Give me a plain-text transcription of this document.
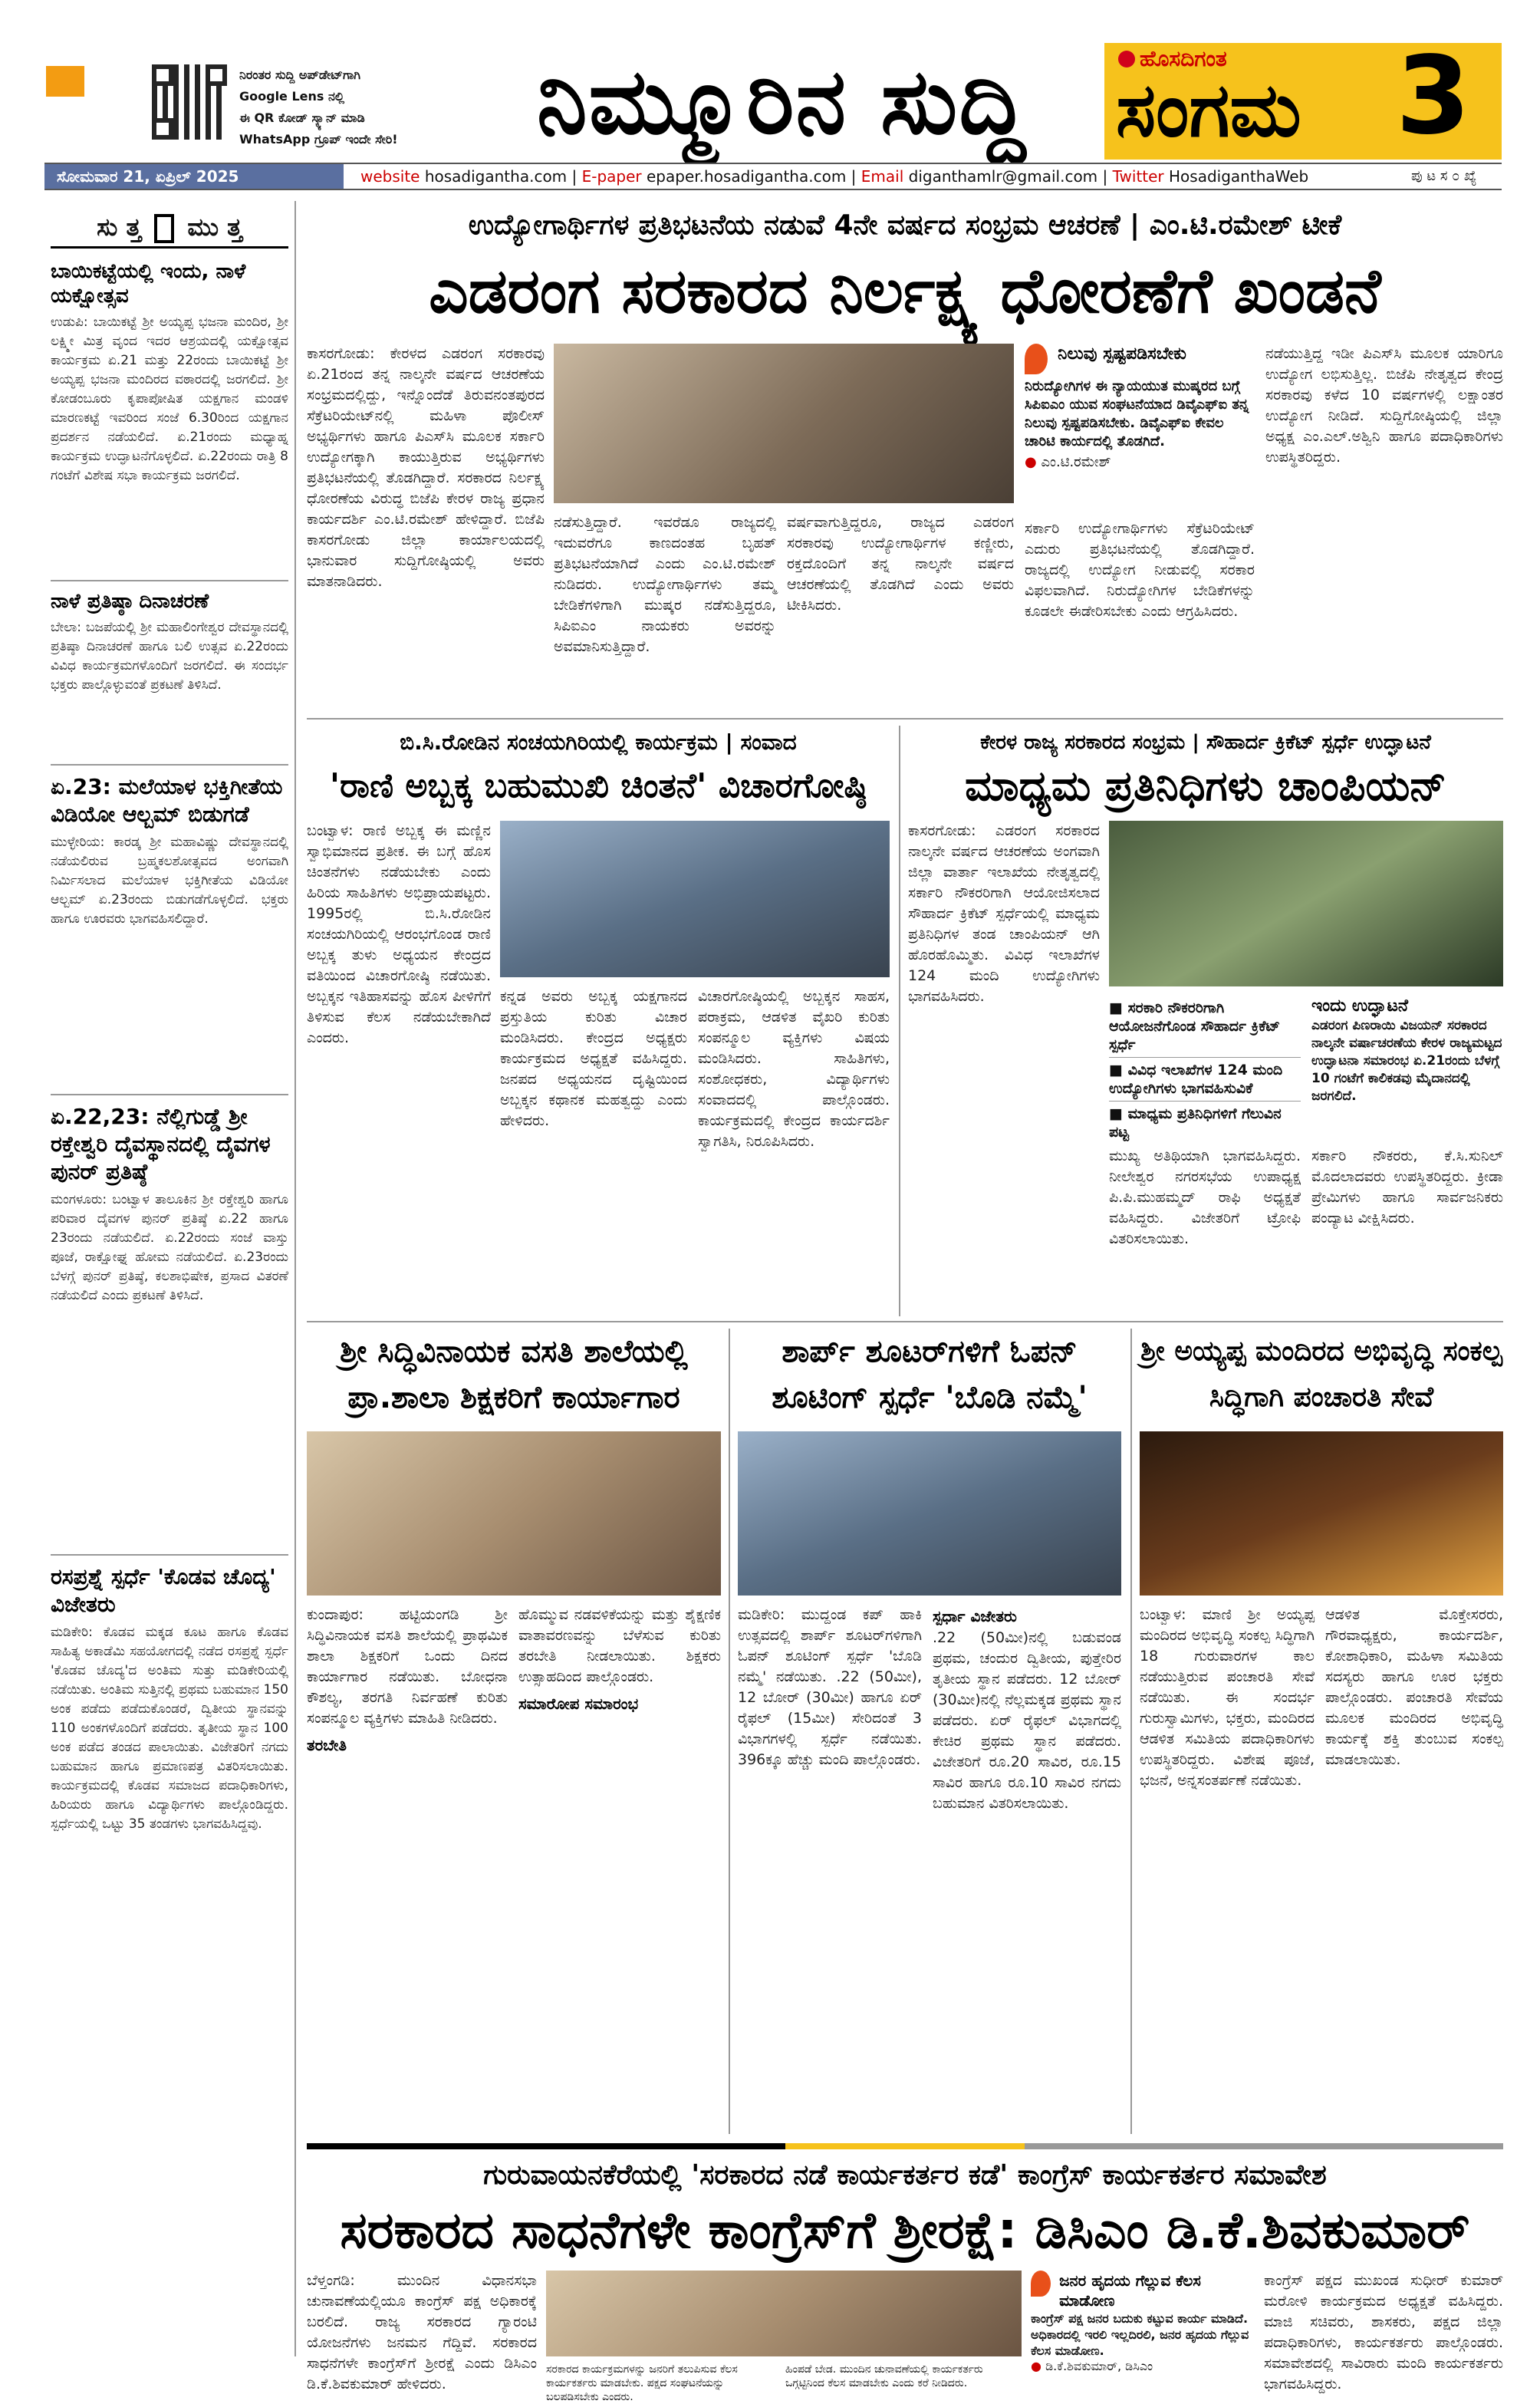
ನಿರಂತರ ಸುದ್ದಿ ಅಪ್‌ಡೇಟ್‌ಗಾಗಿ
Google Lens ನಲ್ಲಿ
ಈ QR ಕೋಡ್ ಸ್ಕ್ಯಾನ್ ಮಾಡಿ
WhatsApp ಗ್ರೂಪ್ ಇಂದೇ ಸೇರಿ!	ನಿಮ್ಮೂರಿನ ಸುದ್ದಿ	ಹೊಸದಿಗಂತ
ಸಂಗಮ 3
ಸೋಮವಾರ 21, ಏಪ್ರಿಲ್ 2025	website hosadigantha.com | E-paper epaper.hosadigantha.com | Email diganthamlr@gmail.com | Twitter HosadiganthaWeb	ಪು ಟ ಸ ೦ ಖ್ಯೆ
ಸು ತ್ತ ಮು ತ್ತ
ಬಾಯಿಕಟ್ಟೆಯಲ್ಲಿ ಇಂದು, ನಾಳೆ ಯಕ್ಷೋತ್ಸವ

ಉಡುಪಿ: ಬಾಯಿಕಟ್ಟೆ ಶ್ರೀ ಅಯ್ಯಪ್ಪ ಭಜನಾ ಮಂದಿರ, ಶ್ರೀ ಲಕ್ಷ್ಮೀ ಮಿತ್ರ ವೃಂದ ಇದರ ಆಶ್ರಯದಲ್ಲಿ ಯಕ್ಷೋತ್ಸವ ಕಾರ್ಯಕ್ರಮ ಏ.21 ಮತ್ತು 22ರಂದು ಬಾಯಿಕಟ್ಟೆ ಶ್ರೀ ಅಯ್ಯಪ್ಪ ಭಜನಾ ಮಂದಿರದ ವಠಾರದಲ್ಲಿ ಜರಗಲಿದೆ. ಶ್ರೀ ಕೋಡಂಬೂರು ಕೃಪಾಪೋಷಿತ ಯಕ್ಷಗಾನ ಮಂಡಳಿ ಮಾರಣಕಟ್ಟೆ ಇವರಿಂದ ಸಂಜೆ 6.30ರಿಂದ ಯಕ್ಷಗಾನ ಪ್ರದರ್ಶನ ನಡೆಯಲಿದೆ. ಏ.21ರಂದು ಮಧ್ಯಾಹ್ನ ಕಾರ್ಯಕ್ರಮ ಉದ್ಘಾಟನೆಗೊಳ್ಳಲಿದೆ. ಏ.22ರಂದು ರಾತ್ರಿ 8 ಗಂಟೆಗೆ ವಿಶೇಷ ಸಭಾ ಕಾರ್ಯಕ್ರಮ ಜರಗಲಿದೆ.

ನಾಳೆ ಪ್ರತಿಷ್ಠಾ ದಿನಾಚರಣೆ

ಬೇಲಾ: ಬಜಪೆಯಲ್ಲಿ ಶ್ರೀ ಮಹಾಲಿಂಗೇಶ್ವರ ದೇವಸ್ಥಾನದಲ್ಲಿ ಪ್ರತಿಷ್ಠಾ ದಿನಾಚರಣೆ ಹಾಗೂ ಬಲಿ ಉತ್ಸವ ಏ.22ರಂದು ವಿವಿಧ ಕಾರ್ಯಕ್ರಮಗಳೊಂದಿಗೆ ಜರಗಲಿದೆ. ಈ ಸಂದರ್ಭ ಭಕ್ತರು ಪಾಲ್ಗೊಳ್ಳುವಂತೆ ಪ್ರಕಟಣೆ ತಿಳಿಸಿದೆ.

ಏ.23: ಮಲೆಯಾಳ ಭಕ್ತಿಗೀತೆಯ ವಿಡಿಯೋ ಆಲ್ಬಮ್ ಬಿಡುಗಡೆ

ಮುಳ್ಳೇರಿಯ: ಕಾರಡ್ಕ ಶ್ರೀ ಮಹಾವಿಷ್ಣು ದೇವಸ್ಥಾನದಲ್ಲಿ ನಡೆಯಲಿರುವ ಬ್ರಹ್ಮಕಲಶೋತ್ಸವದ ಅಂಗವಾಗಿ ನಿರ್ಮಿಸಲಾದ ಮಲೆಯಾಳ ಭಕ್ತಿಗೀತೆಯ ವಿಡಿಯೋ ಆಲ್ಬಮ್ ಏ.23ರಂದು ಬಿಡುಗಡೆಗೊಳ್ಳಲಿದೆ. ಭಕ್ತರು ಹಾಗೂ ಊರವರು ಭಾಗವಹಿಸಲಿದ್ದಾರೆ.

ಏ.22,23: ನೆಲ್ಲಿಗುಡ್ಡೆ ಶ್ರೀ ರಕ್ತೇಶ್ವರಿ ದೈವಸ್ಥಾನದಲ್ಲಿ ದೈವಗಳ ಪುನರ್ ಪ್ರತಿಷ್ಠೆ

ಮಂಗಳೂರು: ಬಂಟ್ವಾಳ ತಾಲೂಕಿನ ಶ್ರೀ ರಕ್ತೇಶ್ವರಿ ಹಾಗೂ ಪರಿವಾರ ದೈವಗಳ ಪುನರ್ ಪ್ರತಿಷ್ಠೆ ಏ.22 ಹಾಗೂ 23ರಂದು ನಡೆಯಲಿದೆ. ಏ.22ರಂದು ಸಂಜೆ ವಾಸ್ತು ಪೂಜೆ, ರಾಕ್ಷೋಘ್ನ ಹೋಮ ನಡೆಯಲಿದೆ. ಏ.23ರಂದು ಬೆಳಗ್ಗೆ ಪುನರ್ ಪ್ರತಿಷ್ಠೆ, ಕಲಶಾಭಿಷೇಕ, ಪ್ರಸಾದ ವಿತರಣೆ ನಡೆಯಲಿದೆ ಎಂದು ಪ್ರಕಟಣೆ ತಿಳಿಸಿದೆ.

ರಸಪ್ರಶ್ನೆ ಸ್ಪರ್ಧೆ 'ಕೊಡವ ಚೊದ್ಯ' ವಿಜೇತರು

ಮಡಿಕೇರಿ: ಕೊಡವ ಮಕ್ಕಡ ಕೂಟ ಹಾಗೂ ಕೊಡವ ಸಾಹಿತ್ಯ ಅಕಾಡೆಮಿ ಸಹಯೋಗದಲ್ಲಿ ನಡೆದ ರಸಪ್ರಶ್ನೆ ಸ್ಪರ್ಧೆ 'ಕೊಡವ ಚೊದ್ಯ'ದ ಅಂತಿಮ ಸುತ್ತು ಮಡಿಕೇರಿಯಲ್ಲಿ ನಡೆಯಿತು. ಅಂತಿಮ ಸುತ್ತಿನಲ್ಲಿ ಪ್ರಥಮ ಬಹುಮಾನ 150 ಅಂಕ ಪಡೆದು ಪಡೆದುಕೊಂಡರೆ, ದ್ವಿತೀಯ ಸ್ಥಾನವನ್ನು 110 ಅಂಕಗಳೊಂದಿಗೆ ಪಡೆದರು. ತೃತೀಯ ಸ್ಥಾನ 100 ಅಂಕ ಪಡೆದ ತಂಡದ ಪಾಲಾಯಿತು. ವಿಜೇತರಿಗೆ ನಗದು ಬಹುಮಾನ ಹಾಗೂ ಪ್ರಮಾಣಪತ್ರ ವಿತರಿಸಲಾಯಿತು. ಕಾರ್ಯಕ್ರಮದಲ್ಲಿ ಕೊಡವ ಸಮಾಜದ ಪದಾಧಿಕಾರಿಗಳು, ಹಿರಿಯರು ಹಾಗೂ ವಿದ್ಯಾರ್ಥಿಗಳು ಪಾಲ್ಗೊಂಡಿದ್ದರು. ಸ್ಪರ್ಧೆಯಲ್ಲಿ ಒಟ್ಟು 35 ತಂಡಗಳು ಭಾಗವಹಿಸಿದ್ದವು.

ಉದ್ಯೋಗಾರ್ಥಿಗಳ ಪ್ರತಿಭಟನೆಯ ನಡುವೆ 4ನೇ ವರ್ಷದ ಸಂಭ್ರಮ ಆಚರಣೆ | ಎಂ.ಟಿ.ರಮೇಶ್ ಟೀಕೆ
ಎಡರಂಗ ಸರಕಾರದ ನಿರ್ಲಕ್ಷ್ಯ ಧೋರಣೆಗೆ ಖಂಡನೆ

ಕಾಸರಗೋಡು: ಕೇರಳದ ಎಡರಂಗ ಸರಕಾರವು ಏ.21ರಂದ ತನ್ನ ನಾಲ್ಕನೇ ವರ್ಷದ ಆಚರಣೆಯ ಸಂಭ್ರಮದಲ್ಲಿದ್ದು, ಇನ್ನೊಂದೆಡೆ ತಿರುವನಂತಪುರದ ಸೆಕ್ರೆಟರಿಯೇಟ್‌ನಲ್ಲಿ ಮಹಿಳಾ ಪೊಲೀಸ್ ಅಭ್ಯರ್ಥಿಗಳು ಹಾಗೂ ಪಿಎಸ್‌ಸಿ ಮೂಲಕ ಸರ್ಕಾರಿ ಉದ್ಯೋಗಕ್ಕಾಗಿ ಕಾಯುತ್ತಿರುವ ಅಭ್ಯರ್ಥಿಗಳು ಪ್ರತಿಭಟನೆಯಲ್ಲಿ ತೊಡಗಿದ್ದಾರೆ. ಸರಕಾರದ ನಿರ್ಲಕ್ಷ್ಯ ಧೋರಣೆಯ ವಿರುದ್ಧ ಬಿಜೆಪಿ ಕೇರಳ ರಾಜ್ಯ ಪ್ರಧಾನ ಕಾರ್ಯದರ್ಶಿ ಎಂ.ಟಿ.ರಮೇಶ್ ಹೇಳಿದ್ದಾರೆ. ಬಿಜೆಪಿ ಕಾಸರಗೋಡು ಜಿಲ್ಲಾ ಕಾರ್ಯಾಲಯದಲ್ಲಿ ಭಾನುವಾರ ಸುದ್ದಿಗೋಷ್ಠಿಯಲ್ಲಿ ಅವರು ಮಾತನಾಡಿದರು.

ನಡೆಸುತ್ತಿದ್ದಾರೆ. ಇವರೆಡೂ ರಾಜ್ಯದಲ್ಲಿ ಇದುವರೆಗೂ ಕಾಣದಂತಹ ಬೃಹತ್ ಪ್ರತಿಭಟನೆಯಾಗಿದೆ ಎಂದು ಎಂ.ಟಿ.ರಮೇಶ್ ನುಡಿದರು. ಉದ್ಯೋಗಾರ್ಥಿಗಳು ತಮ್ಮ ಬೇಡಿಕೆಗಳಿಗಾಗಿ ಮುಷ್ಕರ ನಡೆಸುತ್ತಿದ್ದರೂ, ಸಿಪಿಐಎಂ ನಾಯಕರು ಅವರನ್ನು ಅವಮಾನಿಸುತ್ತಿದ್ದಾರೆ.

ವರ್ಷವಾಗುತ್ತಿದ್ದರೂ, ರಾಜ್ಯದ ಎಡರಂಗ ಸರಕಾರವು ಉದ್ಯೋಗಾರ್ಥಿಗಳ ಕಣ್ಣೀರು, ರಕ್ತದೊಂದಿಗೆ ತನ್ನ ನಾಲ್ಕನೇ ವರ್ಷದ ಆಚರಣೆಯಲ್ಲಿ ತೊಡಗಿದೆ ಎಂದು ಅವರು ಟೀಕಿಸಿದರು.

ನಿಲುವು ಸ್ಪಷ್ಟಪಡಿಸಬೇಕು

ನಿರುದ್ಯೋಗಿಗಳ ಈ ನ್ಯಾಯಯುತ ಮುಷ್ಕರದ ಬಗ್ಗೆ ಸಿಪಿಐಎಂ ಯುವ ಸಂಘಟನೆಯಾದ ಡಿವೈಎಫ್‌ಐ ತನ್ನ ನಿಲುವು ಸ್ಪಷ್ಟಪಡಿಸಬೇಕು. ಡಿವೈಎಫ್‌ಐ ಕೇವಲ ಚಾರಿಟಿ ಕಾರ್ಯದಲ್ಲಿ ತೊಡಗಿದೆ.

● ಎಂ.ಟಿ.ರಮೇಶ್

ಸರ್ಕಾರಿ ಉದ್ಯೋಗಾರ್ಥಿಗಳು ಸೆಕ್ರೆಟರಿಯೇಟ್ ಎದುರು ಪ್ರತಿಭಟನೆಯಲ್ಲಿ ತೊಡಗಿದ್ದಾರೆ. ರಾಜ್ಯದಲ್ಲಿ ಉದ್ಯೋಗ ನೀಡುವಲ್ಲಿ ಸರಕಾರ ವಿಫಲವಾಗಿದೆ. ನಿರುದ್ಯೋಗಿಗಳ ಬೇಡಿಕೆಗಳನ್ನು ಕೂಡಲೇ ಈಡೇರಿಸಬೇಕು ಎಂದು ಆಗ್ರಹಿಸಿದರು.

ನಡೆಯುತ್ತಿದ್ದ ಇಡೀ ಪಿಎಸ್‌ಸಿ ಮೂಲಕ ಯಾರಿಗೂ ಉದ್ಯೋಗ ಲಭಿಸುತ್ತಿಲ್ಲ. ಬಿಜೆಪಿ ನೇತೃತ್ವದ ಕೇಂದ್ರ ಸರಕಾರವು ಕಳೆದ 10 ವರ್ಷಗಳಲ್ಲಿ ಲಕ್ಷಾಂತರ ಉದ್ಯೋಗ ನೀಡಿದೆ. ಸುದ್ದಿಗೋಷ್ಠಿಯಲ್ಲಿ ಜಿಲ್ಲಾ ಅಧ್ಯಕ್ಷ ಎಂ.ಎಲ್.ಅಶ್ವಿನಿ ಹಾಗೂ ಪದಾಧಿಕಾರಿಗಳು ಉಪಸ್ಥಿತರಿದ್ದರು.

ಬಿ.ಸಿ.ರೋಡಿನ ಸಂಚಯಗಿರಿಯಲ್ಲಿ ಕಾರ್ಯಕ್ರಮ | ಸಂವಾದ
'ರಾಣಿ ಅಬ್ಬಕ್ಕ ಬಹುಮುಖಿ ಚಿಂತನೆ' ವಿಚಾರಗೋಷ್ಠಿ

ಬಂಟ್ವಾಳ: ರಾಣಿ ಅಬ್ಬಕ್ಕ ಈ ಮಣ್ಣಿನ ಸ್ವಾಭಿಮಾನದ ಪ್ರತೀಕ. ಈ ಬಗ್ಗೆ ಹೊಸ ಚಿಂತನೆಗಳು ನಡೆಯಬೇಕು ಎಂದು ಹಿರಿಯ ಸಾಹಿತಿಗಳು ಅಭಿಪ್ರಾಯಪಟ್ಟರು. 1995ರಲ್ಲಿ ಬಿ.ಸಿ.ರೋಡಿನ ಸಂಚಯಗಿರಿಯಲ್ಲಿ ಆರಂಭಗೊಂಡ ರಾಣಿ ಅಬ್ಬಕ್ಕ ತುಳು ಅಧ್ಯಯನ ಕೇಂದ್ರದ ವತಿಯಿಂದ ವಿಚಾರಗೋಷ್ಠಿ ನಡೆಯಿತು. ಅಬ್ಬಕ್ಕನ ಇತಿಹಾಸವನ್ನು ಹೊಸ ಪೀಳಿಗೆಗೆ ತಿಳಿಸುವ ಕೆಲಸ ನಡೆಯಬೇಕಾಗಿದೆ ಎಂದರು.

ಕನ್ನಡ ಅವರು ಅಬ್ಬಕ್ಕ ಯಕ್ಷಗಾನದ ಪ್ರಸ್ತುತಿಯ ಕುರಿತು ವಿಚಾರ ಮಂಡಿಸಿದರು. ಕೇಂದ್ರದ ಅಧ್ಯಕ್ಷರು ಕಾರ್ಯಕ್ರಮದ ಅಧ್ಯಕ್ಷತೆ ವಹಿಸಿದ್ದರು. ಜನಪದ ಅಧ್ಯಯನದ ದೃಷ್ಟಿಯಿಂದ ಅಬ್ಬಕ್ಕನ ಕಥಾನಕ ಮಹತ್ವದ್ದು ಎಂದು ಹೇಳಿದರು.

ವಿಚಾರಗೋಷ್ಠಿಯಲ್ಲಿ ಅಬ್ಬಕ್ಕನ ಸಾಹಸ, ಪರಾಕ್ರಮ, ಆಡಳಿತ ವೈಖರಿ ಕುರಿತು ಸಂಪನ್ಮೂಲ ವ್ಯಕ್ತಿಗಳು ವಿಷಯ ಮಂಡಿಸಿದರು. ಸಾಹಿತಿಗಳು, ಸಂಶೋಧಕರು, ವಿದ್ಯಾರ್ಥಿಗಳು ಸಂವಾದದಲ್ಲಿ ಪಾಲ್ಗೊಂಡರು. ಕಾರ್ಯಕ್ರಮದಲ್ಲಿ ಕೇಂದ್ರದ ಕಾರ್ಯದರ್ಶಿ ಸ್ವಾಗತಿಸಿ, ನಿರೂಪಿಸಿದರು.

ಕೇರಳ ರಾಜ್ಯ ಸರಕಾರದ ಸಂಭ್ರಮ | ಸೌಹಾರ್ದ ಕ್ರಿಕೆಟ್ ಸ್ಪರ್ಧೆ ಉದ್ಘಾಟನೆ
ಮಾಧ್ಯಮ ಪ್ರತಿನಿಧಿಗಳು ಚಾಂಪಿಯನ್

ಕಾಸರಗೋಡು: ಎಡರಂಗ ಸರಕಾರದ ನಾಲ್ಕನೇ ವರ್ಷದ ಆಚರಣೆಯ ಅಂಗವಾಗಿ ಜಿಲ್ಲಾ ವಾರ್ತಾ ಇಲಾಖೆಯ ನೇತೃತ್ವದಲ್ಲಿ ಸರ್ಕಾರಿ ನೌಕರರಿಗಾಗಿ ಆಯೋಜಿಸಲಾದ ಸೌಹಾರ್ದ ಕ್ರಿಕೆಟ್ ಸ್ಪರ್ಧೆಯಲ್ಲಿ ಮಾಧ್ಯಮ ಪ್ರತಿನಿಧಿಗಳ ತಂಡ ಚಾಂಪಿಯನ್ ಆಗಿ ಹೊರಹೊಮ್ಮಿತು. ವಿವಿಧ ಇಲಾಖೆಗಳ 124 ಮಂದಿ ಉದ್ಯೋಗಿಗಳು ಭಾಗವಹಿಸಿದರು.

■ ಸರಕಾರಿ ನೌಕರರಿಗಾಗಿ ಆಯೋಜನೆಗೊಂಡ ಸೌಹಾರ್ದ ಕ್ರಿಕೆಟ್ ಸ್ಪರ್ಧೆ
■ ವಿವಿಧ ಇಲಾಖೆಗಳ 124 ಮಂದಿ ಉದ್ಯೋಗಿಗಳು ಭಾಗವಹಿಸುವಿಕೆ
■ ಮಾಧ್ಯಮ ಪ್ರತಿನಿಧಿಗಳಿಗೆ ಗೆಲುವಿನ ಪಟ್ಟ
ಇಂದು ಉದ್ಘಾಟನೆ

ಎಡರಂಗ ಪಿಣರಾಯಿ ವಿಜಯನ್ ಸರಕಾರದ ನಾಲ್ಕನೇ ವರ್ಷಾಚರಣೆಯ ಕೇರಳ ರಾಜ್ಯಮಟ್ಟದ ಉದ್ಘಾಟನಾ ಸಮಾರಂಭ ಏ.21ರಂದು ಬೆಳಗ್ಗೆ 10 ಗಂಟೆಗೆ ಕಾಲಿಕಡವು ಮೈದಾನದಲ್ಲಿ ಜರಗಲಿದೆ.

ಮುಖ್ಯ ಅತಿಥಿಯಾಗಿ ಭಾಗವಹಿಸಿದ್ದರು. ನೀಲೇಶ್ವರ ನಗರಸಭೆಯ ಉಪಾಧ್ಯಕ್ಷ ಪಿ.ಪಿ.ಮುಹಮ್ಮದ್ ರಾಫಿ ಅಧ್ಯಕ್ಷತೆ ವಹಿಸಿದ್ದರು. ವಿಜೇತರಿಗೆ ಟ್ರೋಫಿ ವಿತರಿಸಲಾಯಿತು.

ಸರ್ಕಾರಿ ನೌಕರರು, ಕೆ.ಸಿ.ಸುನಿಲ್ ಮೊದಲಾದವರು ಉಪಸ್ಥಿತರಿದ್ದರು. ಕ್ರೀಡಾ ಪ್ರೇಮಿಗಳು ಹಾಗೂ ಸಾರ್ವಜನಿಕರು ಪಂದ್ಯಾಟ ವೀಕ್ಷಿಸಿದರು.

ಶ್ರೀ ಸಿದ್ಧಿವಿನಾಯಕ ವಸತಿ ಶಾಲೆಯಲ್ಲಿ ಪ್ರಾ.ಶಾಲಾ ಶಿಕ್ಷಕರಿಗೆ ಕಾರ್ಯಾಗಾರ

ಕುಂದಾಪುರ: ಹಟ್ಟಿಯಂಗಡಿ ಶ್ರೀ ಸಿದ್ಧಿವಿನಾಯಕ ವಸತಿ ಶಾಲೆಯಲ್ಲಿ ಪ್ರಾಥಮಿಕ ಶಾಲಾ ಶಿಕ್ಷಕರಿಗೆ ಒಂದು ದಿನದ ಕಾರ್ಯಾಗಾರ ನಡೆಯಿತು. ಬೋಧನಾ ಕೌಶಲ್ಯ, ತರಗತಿ ನಿರ್ವಹಣೆ ಕುರಿತು ಸಂಪನ್ಮೂಲ ವ್ಯಕ್ತಿಗಳು ಮಾಹಿತಿ ನೀಡಿದರು.

ತರಬೇತಿ

ಹೊಮ್ಮುವ ನಡವಳಿಕೆಯನ್ನು ಮತ್ತು ಶೈಕ್ಷಣಿಕ ವಾತಾವರಣವನ್ನು ಬೆಳೆಸುವ ಕುರಿತು ತರಬೇತಿ ನೀಡಲಾಯಿತು. ಶಿಕ್ಷಕರು ಉತ್ಸಾಹದಿಂದ ಪಾಲ್ಗೊಂಡರು.

ಸಮಾರೋಪ ಸಮಾರಂಭ
ಶಾರ್ಪ್ ಶೂಟರ್‌ಗಳಿಗೆ ಓಪನ್ ಶೂಟಿಂಗ್ ಸ್ಪರ್ಧೆ 'ಬೊಡಿ ನಮ್ಮೆ'

ಮಡಿಕೇರಿ: ಮುದ್ದಂಡ ಕಪ್ ಹಾಕಿ ಉತ್ಸವದಲ್ಲಿ ಶಾರ್ಪ್ ಶೂಟರ್‌ಗಳಿಗಾಗಿ ಓಪನ್ ಶೂಟಿಂಗ್ ಸ್ಪರ್ಧೆ 'ಬೊಡಿ ನಮ್ಮೆ' ನಡೆಯಿತು. .22 (50ಮೀ), 12 ಬೋರ್ (30ಮೀ) ಹಾಗೂ ಏರ್ ರೈಫಲ್ (15ಮೀ) ಸೇರಿದಂತೆ 3 ವಿಭಾಗಗಳಲ್ಲಿ ಸ್ಪರ್ಧೆ ನಡೆಯಿತು. 396ಕ್ಕೂ ಹೆಚ್ಚು ಮಂದಿ ಪಾಲ್ಗೊಂಡರು.

ಸ್ಪರ್ಧಾ ವಿಜೇತರು

.22 (50ಮೀ)ನಲ್ಲಿ ಬಡುವಂಡ ಪ್ರಥಮ, ಚಂದುರ ದ್ವಿತೀಯ, ಪುತ್ತೇರಿರ ತೃತೀಯ ಸ್ಥಾನ ಪಡೆದರು. 12 ಬೋರ್ (30ಮೀ)ನಲ್ಲಿ ನೆಲ್ಲಮಕ್ಕಡ ಪ್ರಥಮ ಸ್ಥಾನ ಪಡೆದರು. ಏರ್ ರೈಫಲ್ ವಿಭಾಗದಲ್ಲಿ ಕೇಚಿರ ಪ್ರಥಮ ಸ್ಥಾನ ಪಡೆದರು. ವಿಜೇತರಿಗೆ ರೂ.20 ಸಾವಿರ, ರೂ.15 ಸಾವಿರ ಹಾಗೂ ರೂ.10 ಸಾವಿರ ನಗದು ಬಹುಮಾನ ವಿತರಿಸಲಾಯಿತು.

ಶ್ರೀ ಅಯ್ಯಪ್ಪ ಮಂದಿರದ ಅಭಿವೃದ್ಧಿ ಸಂಕಲ್ಪ ಸಿದ್ಧಿಗಾಗಿ ಪಂಚಾರತಿ ಸೇವೆ

ಬಂಟ್ವಾಳ: ಮಾಣಿ ಶ್ರೀ ಅಯ್ಯಪ್ಪ ಮಂದಿರದ ಅಭಿವೃದ್ಧಿ ಸಂಕಲ್ಪ ಸಿದ್ಧಿಗಾಗಿ 18 ಗುರುವಾರಗಳ ಕಾಲ ನಡೆಯುತ್ತಿರುವ ಪಂಚಾರತಿ ಸೇವೆ ನಡೆಯಿತು. ಈ ಸಂದರ್ಭ ಗುರುಸ್ವಾಮಿಗಳು, ಭಕ್ತರು, ಮಂದಿರದ ಆಡಳಿತ ಸಮಿತಿಯ ಪದಾಧಿಕಾರಿಗಳು ಉಪಸ್ಥಿತರಿದ್ದರು. ವಿಶೇಷ ಪೂಜೆ, ಭಜನೆ, ಅನ್ನಸಂತರ್ಪಣೆ ನಡೆಯಿತು.

ಆಡಳಿತ ಮೊಕ್ತೇಸರರು, ಗೌರವಾಧ್ಯಕ್ಷರು, ಕಾರ್ಯದರ್ಶಿ, ಕೋಶಾಧಿಕಾರಿ, ಮಹಿಳಾ ಸಮಿತಿಯ ಸದಸ್ಯರು ಹಾಗೂ ಊರ ಭಕ್ತರು ಪಾಲ್ಗೊಂಡರು. ಪಂಚಾರತಿ ಸೇವೆಯ ಮೂಲಕ ಮಂದಿರದ ಅಭಿವೃದ್ಧಿ ಕಾರ್ಯಕ್ಕೆ ಶಕ್ತಿ ತುಂಬುವ ಸಂಕಲ್ಪ ಮಾಡಲಾಯಿತು.

ಗುರುವಾಯನಕೆರೆಯಲ್ಲಿ 'ಸರಕಾರದ ನಡೆ ಕಾರ್ಯಕರ್ತರ ಕಡೆ' ಕಾಂಗ್ರೆಸ್ ಕಾರ್ಯಕರ್ತರ ಸಮಾವೇಶ
ಸರಕಾರದ ಸಾಧನೆಗಳೇ ಕಾಂಗ್ರೆಸ್‌ಗೆ ಶ್ರೀರಕ್ಷೆ: ಡಿಸಿಎಂ ಡಿ.ಕೆ.ಶಿವಕುಮಾರ್

ಬೆಳ್ತಂಗಡಿ: ಮುಂದಿನ ವಿಧಾನಸಭಾ ಚುನಾವಣೆಯಲ್ಲಿಯೂ ಕಾಂಗ್ರೆಸ್ ಪಕ್ಷ ಅಧಿಕಾರಕ್ಕೆ ಬರಲಿದೆ. ರಾಜ್ಯ ಸರಕಾರದ ಗ್ಯಾರಂಟಿ ಯೋಜನೆಗಳು ಜನಮನ ಗೆದ್ದಿವೆ. ಸರಕಾರದ ಸಾಧನೆಗಳೇ ಕಾಂಗ್ರೆಸ್‌ಗೆ ಶ್ರೀರಕ್ಷೆ ಎಂದು ಡಿಸಿಎಂ ಡಿ.ಕೆ.ಶಿವಕುಮಾರ್ ಹೇಳಿದರು.

ಜನರ ಹೃದಯ ಗೆಲ್ಲುವ ಕೆಲಸ ಮಾಡೋಣ

ಕಾಂಗ್ರೆಸ್ ಪಕ್ಷ ಜನರ ಬದುಕು ಕಟ್ಟುವ ಕಾರ್ಯ ಮಾಡಿದೆ. ಅಧಿಕಾರದಲ್ಲಿ ಇರಲಿ ಇಲ್ಲದಿರಲಿ, ಜನರ ಹೃದಯ ಗೆಲ್ಲುವ ಕೆಲಸ ಮಾಡೋಣ.

● ಡಿ.ಕೆ.ಶಿವಕುಮಾರ್, ಡಿಸಿಎಂ

ಕಾಂಗ್ರೆಸ್ ಪಕ್ಷದ ಮುಖಂಡ ಸುಧೀರ್ ಕುಮಾರ್ ಮರೋಳಿ ಕಾರ್ಯಕ್ರಮದ ಅಧ್ಯಕ್ಷತೆ ವಹಿಸಿದ್ದರು. ಮಾಜಿ ಸಚಿವರು, ಶಾಸಕರು, ಪಕ್ಷದ ಜಿಲ್ಲಾ ಪದಾಧಿಕಾರಿಗಳು, ಕಾರ್ಯಕರ್ತರು ಪಾಲ್ಗೊಂಡರು. ಸಮಾವೇಶದಲ್ಲಿ ಸಾವಿರಾರು ಮಂದಿ ಕಾರ್ಯಕರ್ತರು ಭಾಗವಹಿಸಿದ್ದರು.

ಸರಕಾರದ ಕಾರ್ಯಕ್ರಮಗಳನ್ನು ಜನರಿಗೆ ತಲುಪಿಸುವ ಕೆಲಸ ಕಾರ್ಯಕರ್ತರು ಮಾಡಬೇಕು. ಪಕ್ಷದ ಸಂಘಟನೆಯನ್ನು ಬಲಪಡಿಸಬೇಕು ಎಂದರು.
ಹಿಂಪಡೆ ಬೇಡ. ಮುಂದಿನ ಚುನಾವಣೆಯಲ್ಲಿ ಕಾರ್ಯಕರ್ತರು ಒಗ್ಗಟ್ಟಿನಿಂದ ಕೆಲಸ ಮಾಡಬೇಕು ಎಂದು ಕರೆ ನೀಡಿದರು.
